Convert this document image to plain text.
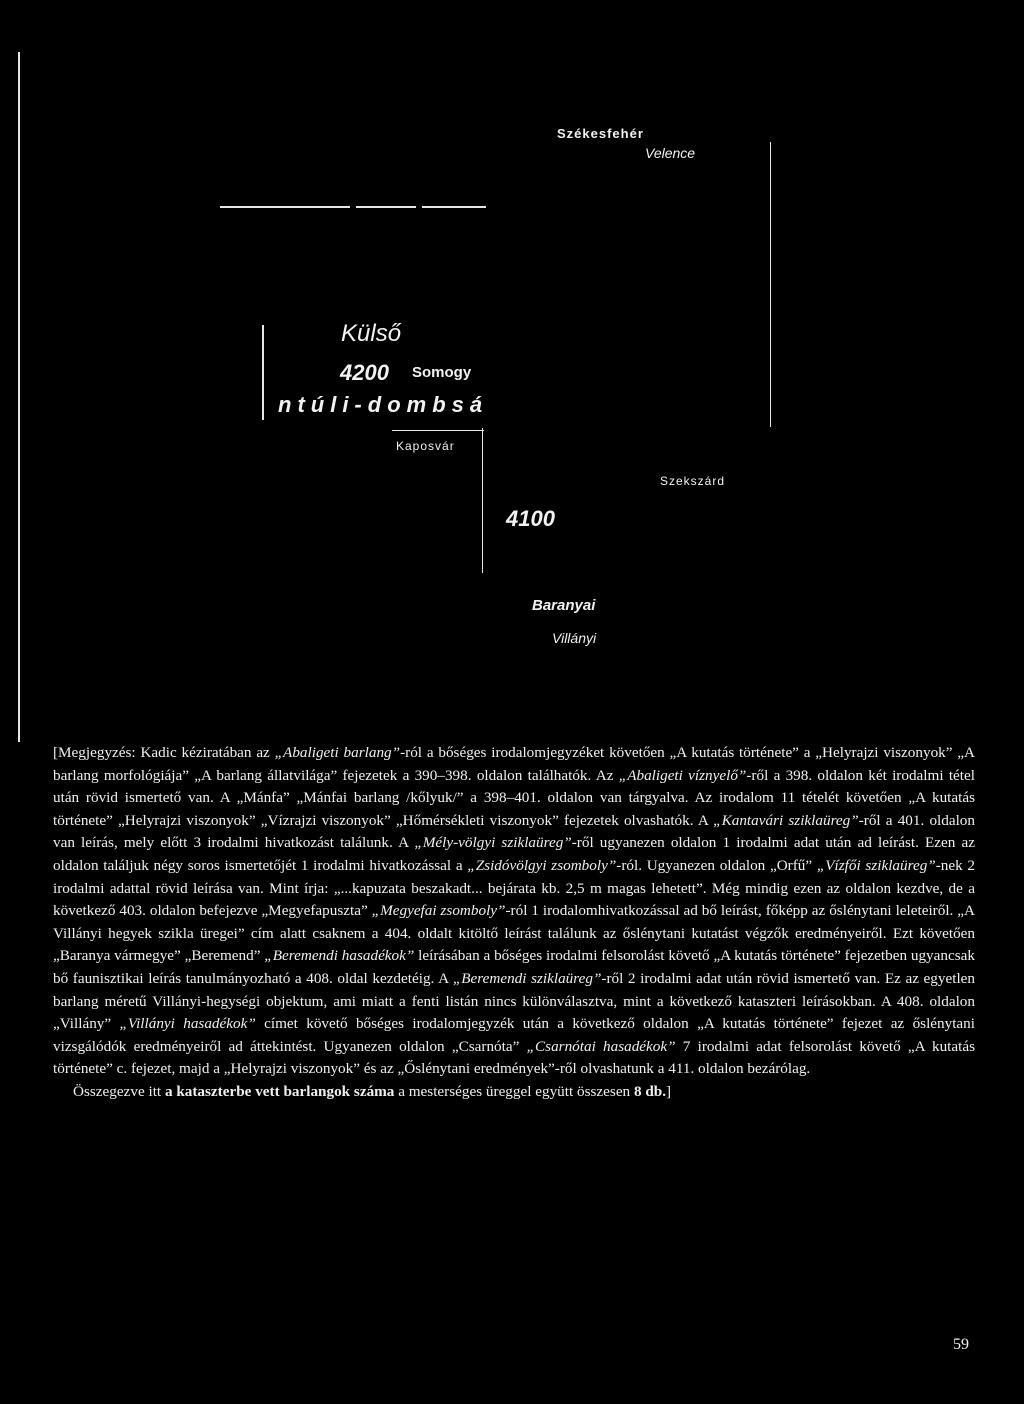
Székesfehér
Velence
Külső
4200 Somogy
ntúli-dombsá
Kaposvár
Szekszárd
4100
Baranyai
Villányi

[Megjegyzés: Kadic kéziratában az „Abaligeti barlang”-ról a bőséges irodalomjegyzéket követően „A kutatás története” a „Helyrajzi viszonyok” „A barlang morfológiája” „A barlang állatvilága” fejezetek a 390–398. oldalon találhatók. Az „Abaligeti víznyelő”-ről a 398. oldalon két irodalmi tétel után rövid ismertető van. A „Mánfa” „Mánfai barlang /kőlyuk/” a 398–401. oldalon van tárgyalva. Az irodalom 11 tételét követően „A kutatás története” „Helyrajzi viszonyok” „Vízrajzi viszonyok” „Hőmérsékleti viszonyok” fejezetek olvashatók. A „Kantavári sziklaüreg”-ről a 401. oldalon van leírás, mely előtt 3 irodalmi hivatkozást találunk. A „Mély-völgyi sziklaüreg”-ről ugyanezen oldalon 1 irodalmi adat után ad leírást. Ezen az oldalon találjuk négy soros ismertetőjét 1 irodalmi hivatkozással a „Zsidóvölgyi zsomboly”-ról. Ugyanezen oldalon „Orfű” „Vízfői sziklaüreg”-nek 2 irodalmi adattal rövid leírása van. Mint írja: „...kapuzata beszakadt... bejárata kb. 2,5 m magas lehetett”. Még mindig ezen az oldalon kezdve, de a következő 403. oldalon befejezve „Megyefapuszta” „Megyefai zsomboly”-ról 1 irodalomhivatkozással ad bő leírást, főképp az őslénytani leleteiről. „A Villányi hegyek szikla üregei” cím alatt csaknem a 404. oldalt kitöltő leírást találunk az őslénytani kutatást végzők eredményeiről. Ezt követően „Baranya vármegye” „Beremend” „Beremendi hasadékok” leírásában a bőséges irodalmi felsorolást követő „A kutatás története” fejezetben ugyancsak bő faunisztikai leírás tanulmányozható a 408. oldal kezdetéig. A „Beremendi sziklaüreg”-ről 2 irodalmi adat után rövid ismertető van. Ez az egyetlen barlang méretű Villányi-hegységi objektum, ami miatt a fenti listán nincs különválasztva, mint a következő kataszteri leírásokban. A 408. oldalon „Villány” „Villányi hasadékok” címet követő bőséges irodalomjegyzék után a következő oldalon „A kutatás története” fejezet az őslénytani vizsgálódók eredményeiről ad áttekintést. Ugyanezen oldalon „Csarnóta” „Csarnótai hasadékok” 7 irodalmi adat felsorolást követő „A kutatás története” c. fejezet, majd a „Helyrajzi viszonyok” és az „Őslénytani eredmények”-ről olvashatunk a 411. oldalon bezárólag.

Összegezve itt a kataszterbe vett barlangok száma a mesterséges üreggel együtt összesen 8 db.]

59
